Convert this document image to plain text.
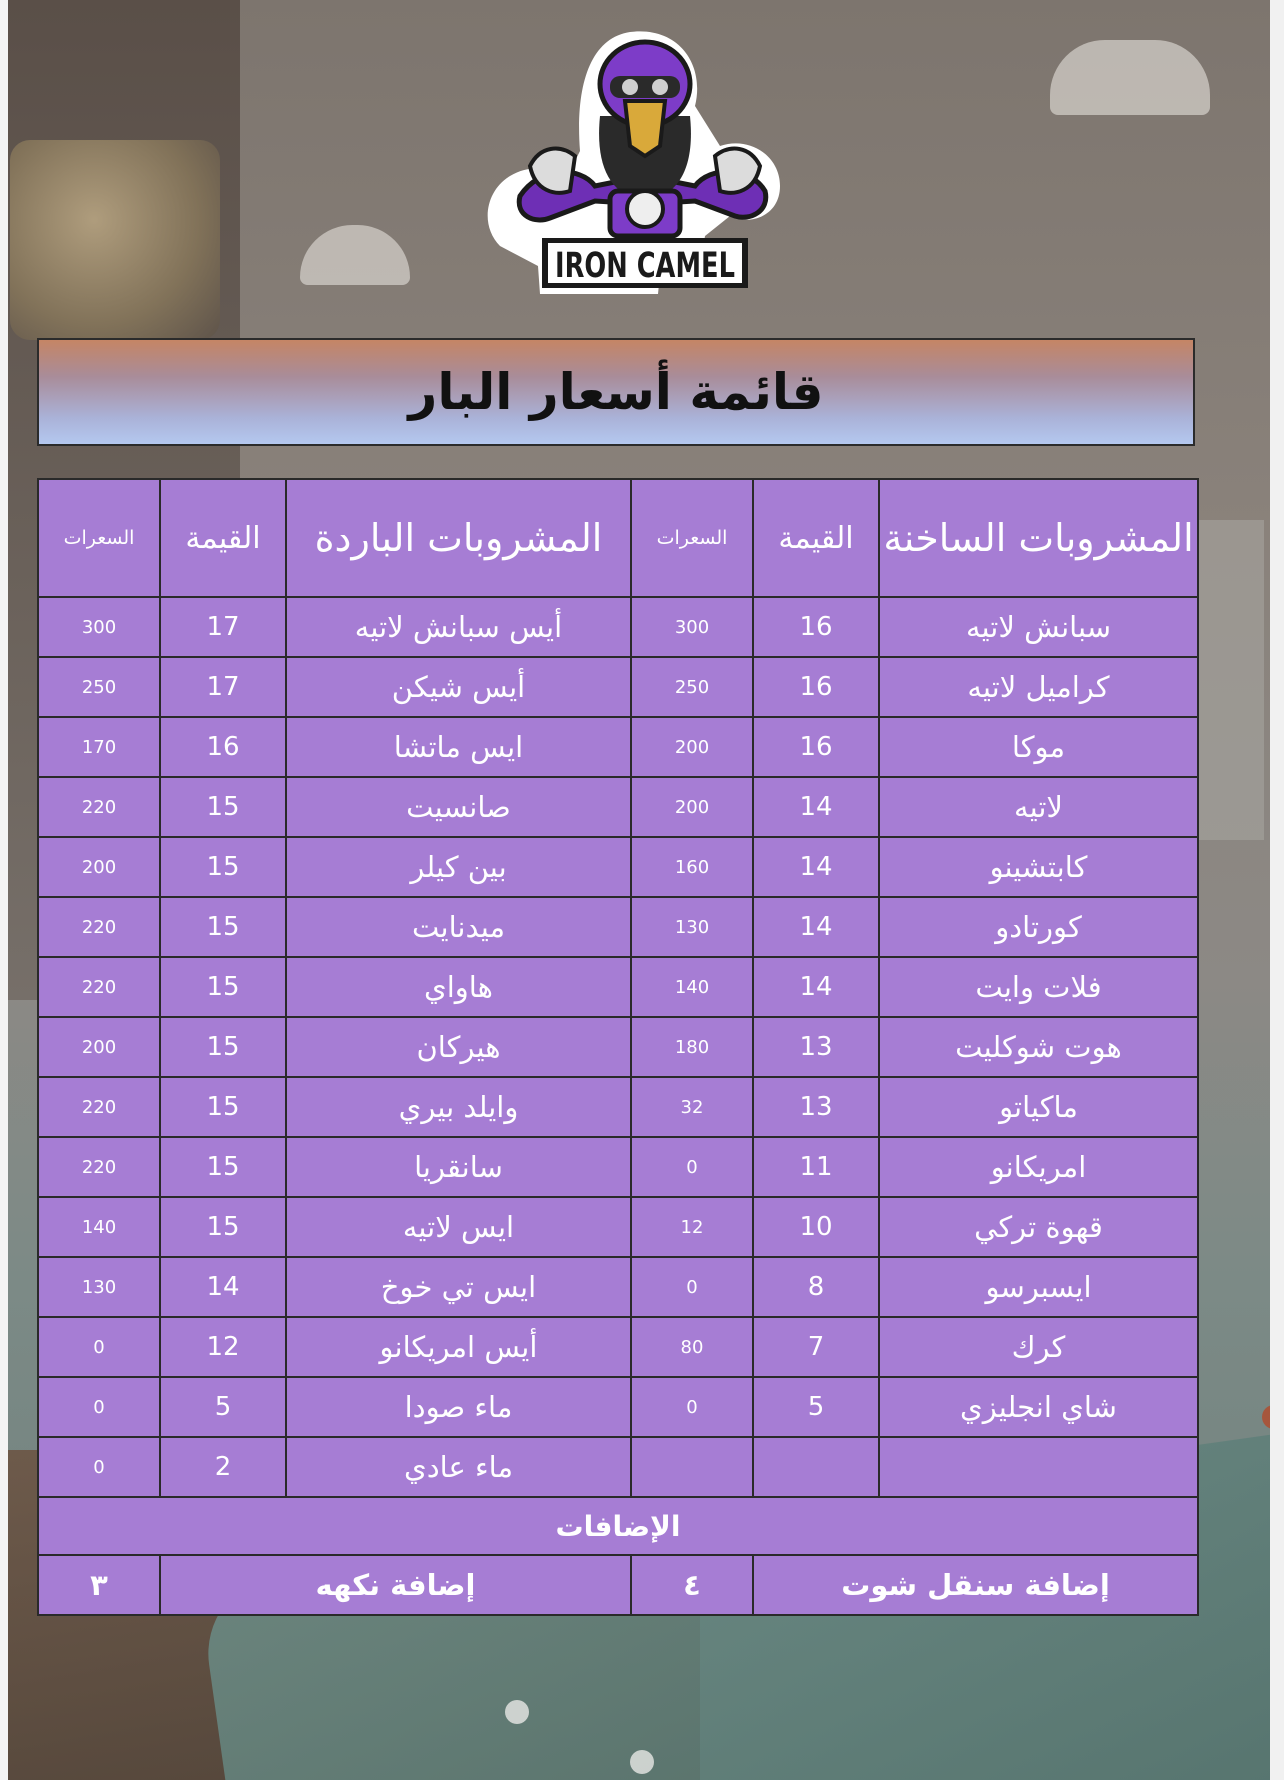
IRON CAMEL
قائمة أسعار البار
السعرات	القيمة	المشروبات الباردة	السعرات	القيمة	المشروبات الساخنة
300	17	أيس سبانش لاتيه	300	16	سبانش لاتيه
250	17	أيس شيكن	250	16	كراميل لاتيه
170	16	ايس ماتشا	200	16	موكا
220	15	صانسيت	200	14	لاتيه
200	15	بين كيلر	160	14	كابتشينو
220	15	ميدنايت	130	14	كورتادو
220	15	هاواي	140	14	فلات وايت
200	15	هيركان	180	13	هوت شوكليت
220	15	وايلد بيري	32	13	ماكياتو
220	15	سانقريا	0	11	امريكانو
140	15	ايس لاتيه	12	10	قهوة تركي
130	14	ايس تي خوخ	0	8	ايسبرسو
0	12	أيس امريكانو	80	7	كرك
0	5	ماء صودا	0	5	شاي انجليزي
0	2	ماء عادي			
الإضافات					
٣	إضافة نكهه		٤	إضافة سنقل شوت	
